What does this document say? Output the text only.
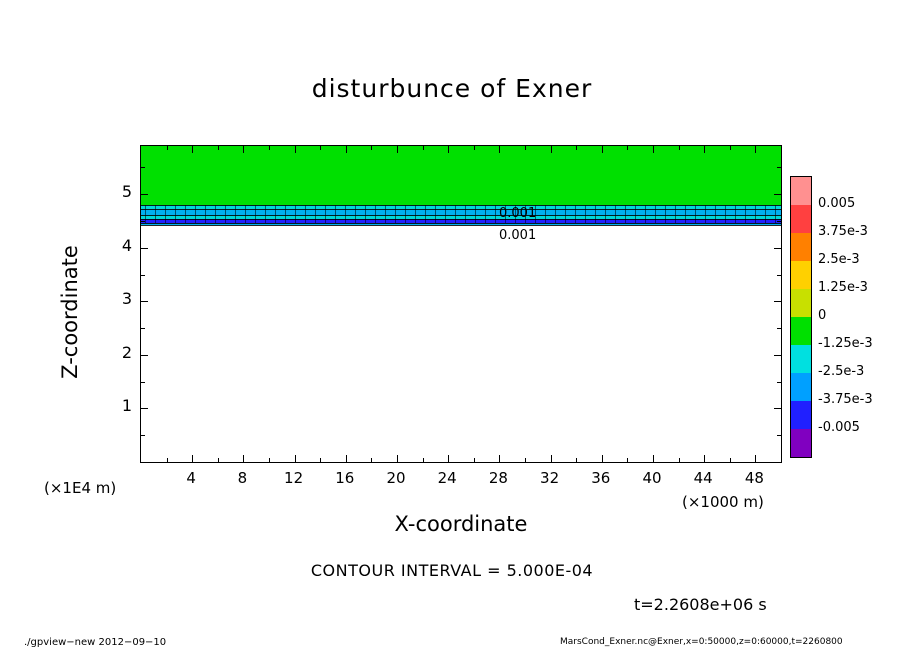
disturbunce of Exner
0.001
0.001
4	8	12	16	20	24	28	32	36	40	44	48
1
2
3
4
5
X-coordinate
Z-coordinate
(×1E4 m)
(×1000 m)
0.005
3.75e-3
2.5e-3
1.25e-3
0
-1.25e-3
-2.5e-3
-3.75e-3
-0.005
CONTOUR INTERVAL = 5.000E-04
t=2.2608e+06 s
./gpview−new 2012−09−10	MarsCond_Exner.nc@Exner,x=0:50000,z=0:60000,t=2260800
